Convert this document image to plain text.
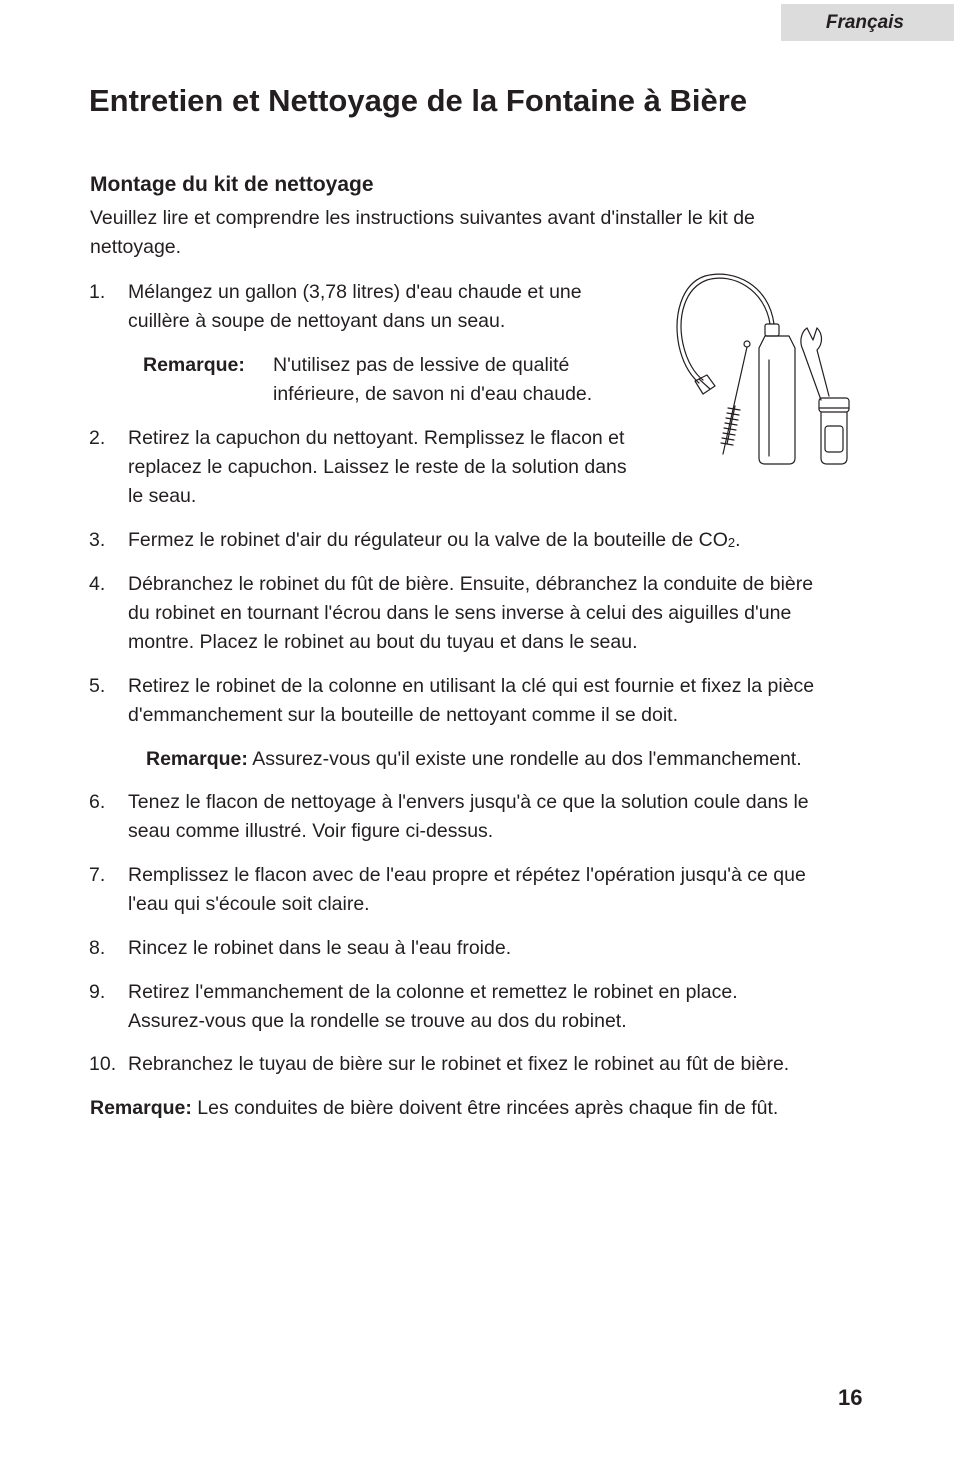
Français
Entretien et Nettoyage de la Fontaine à Bière
Montage du kit de nettoyage
Veuillez lire et comprendre les instructions suivantes avant d'installer le kit de
nettoyage.
1. Mélangez un gallon (3,78 litres) d'eau chaude et une
cuillère à soupe de nettoyant dans un seau.
Remarque: N'utilisez pas de lessive de qualité
inférieure, de savon ni d'eau chaude.
2. Retirez la capuchon du nettoyant. Remplissez le flacon et
replacez le capuchon. Laissez le reste de la solution dans
le seau.
3. Fermez le robinet d'air du régulateur ou la valve de la bouteille de $CO_2$.
4. Débranchez le robinet du fût de bière. Ensuite, débranchez la conduite de bière
du robinet en tournant l'écrou dans le sens inverse à celui des aiguilles d'une
montre. Placez le robinet au bout du tuyau et dans le seau.
5. Retirez le robinet de la colonne en utilisant la clé qui est fournie et fixez la pièce
d'emmanchement sur la bouteille de nettoyant comme il se doit.
Remarque: Assurez-vous qu'il existe une rondelle au dos l'emmanchement.
6. Tenez le flacon de nettoyage à l'envers jusqu'à ce que la solution coule dans le
seau comme illustré. Voir figure ci-dessus.
7. Remplissez le flacon avec de l'eau propre et répétez l'opération jusqu'à ce que
l'eau qui s'écoule soit claire.
8. Rincez le robinet dans le seau à l'eau froide.
9. Retirez l'emmanchement de la colonne et remettez le robinet en place.
Assurez-vous que la rondelle se trouve au dos du robinet.
10. Rebranchez le tuyau de bière sur le robinet et fixez le robinet au fût de bière.
Remarque: Les conduites de bière doivent être rincées après chaque fin de fût.
16
